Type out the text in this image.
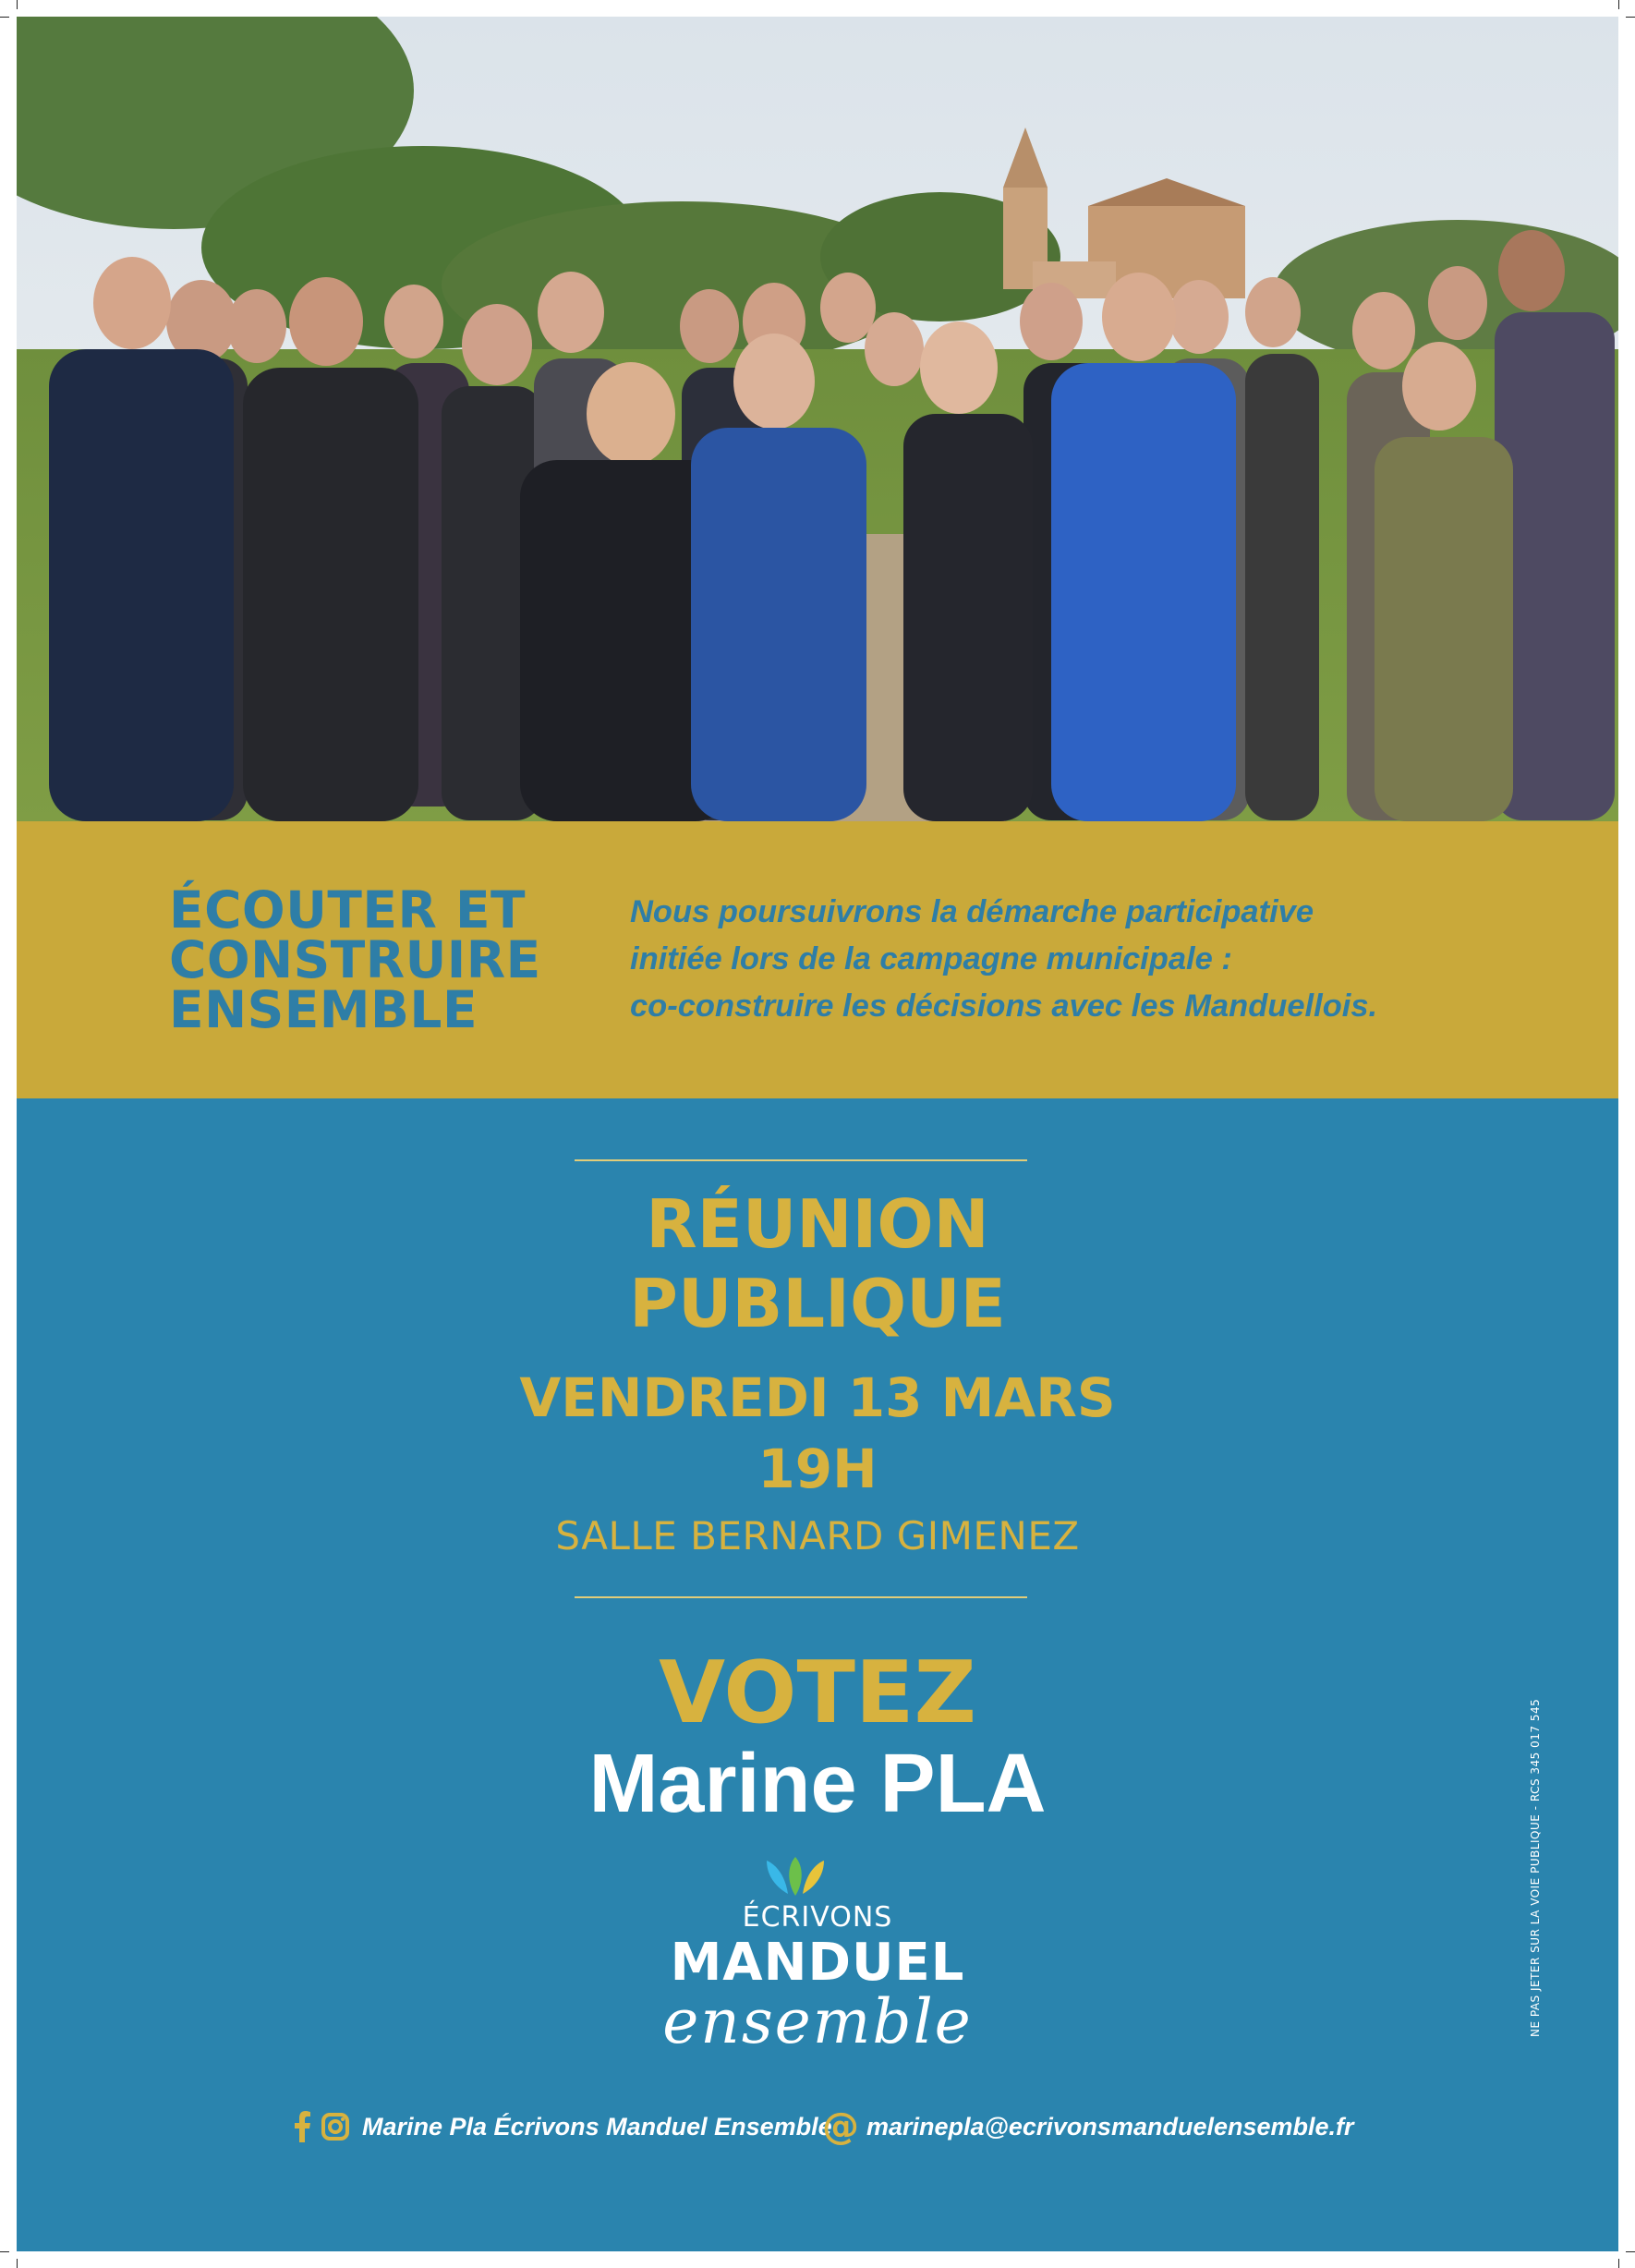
ÉCOUTER ET
CONSTRUIRE
ENSEMBLE
Nous poursuivrons la démarche participative
initiée lors de la campagne municipale :
co-construire les décisions avec les Manduellois.
RÉUNION
PUBLIQUE
VENDREDI 13 MARS
19H
SALLE BERNARD GIMENEZ
VOTEZ
Marine PLA
ÉCRIVONS
MANDUEL
ensemble
Marine Pla Écrivons Manduel Ensemble
@ marinepla@ecrivonsmanduelensemble.fr
NE PAS JETER SUR LA VOIE PUBLIQUE - RCS 345 017 545
